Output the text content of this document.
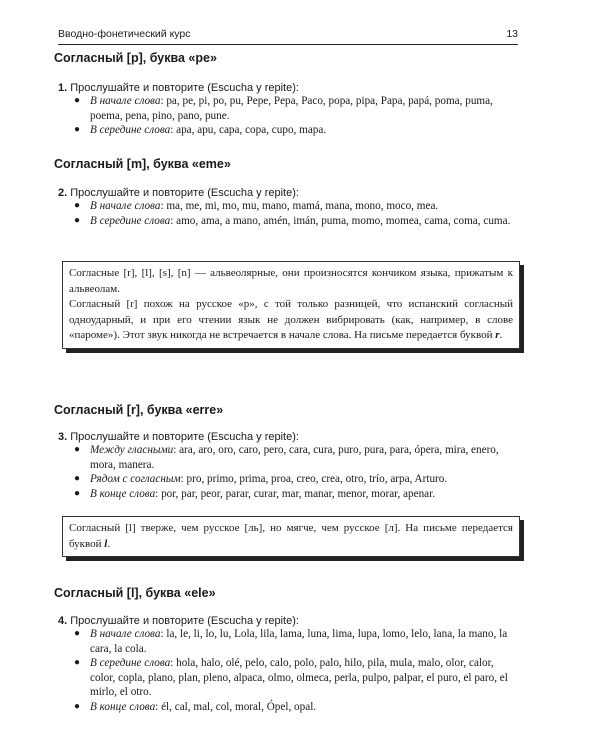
Вводно-фонетический курс	13
Согласный [p], буква «pe»

1. Прослушайте и повторите (Escucha y repite):

● В начале слова: pa, pe, pi, po, pu, Pepe, Pepa, Paco, popa, pipa, Papa, papá, poma, puma, poema, pena, pino, pano, pune.
● В середине слова: apa, apu, capa, copa, cupo, mapa.
Согласный [m], буква «eme»

2. Прослушайте и повторите (Escucha y repite):

● В начале слова: ma, me, mi, mo, mu, mano, mamá, mana, mono, moco, mea.
● В середине слова: amo, ama, a mano, amén, imán, puma, momo, momea, cama, coma, cuma.

Согласные [r], [l], [s], [n] — альвеолярные, они произносятся кончиком языка, прижатым к альвеолам.

Согласный [r] похож на русское «р», с той только разницей, что испанский согласный одноударный, и при его чтении язык не должен вибрировать (как, например, в слове «пароме»). Этот звук никогда не встречается в начале слова. На письме передается буквой r.

Согласный [r], буква «erre»

3. Прослушайте и повторите (Escucha y repite):

● Между гласными: ara, aro, oro, caro, pero, cara, cura, puro, pura, para, ópera, mira, enero, mora, manera.
● Рядом с согласным: pro, primo, prima, proa, creo, crea, otro, trío, arpa, Arturo.
● В конце слова: por, par, peor, parar, curar, mar, manar, menor, morar, apenar.

Согласный [l] тверже, чем русское [ль], но мягче, чем русское [л]. На письме передается буквой l.

Согласный [l], буква «ele»

4. Прослушайте и повторите (Escucha y repite):

● В начале слова: la, le, li, lo, lu, Lola, lila, lama, luna, lima, lupa, lomo, lelo, lana, la mano, la cara, la cola.
● В середине слова: hola, halo, olé, pelo, calo, polo, palo, hilo, pila, mula, malo, olor, calor, color, copla, plano, plan, pleno, alpaca, olmo, olmeca, perla, pulpo, palpar, el puro, el paro, el mirlo, el otro.
● В конце слова: él, cal, mal, col, moral, Ópel, opal.
